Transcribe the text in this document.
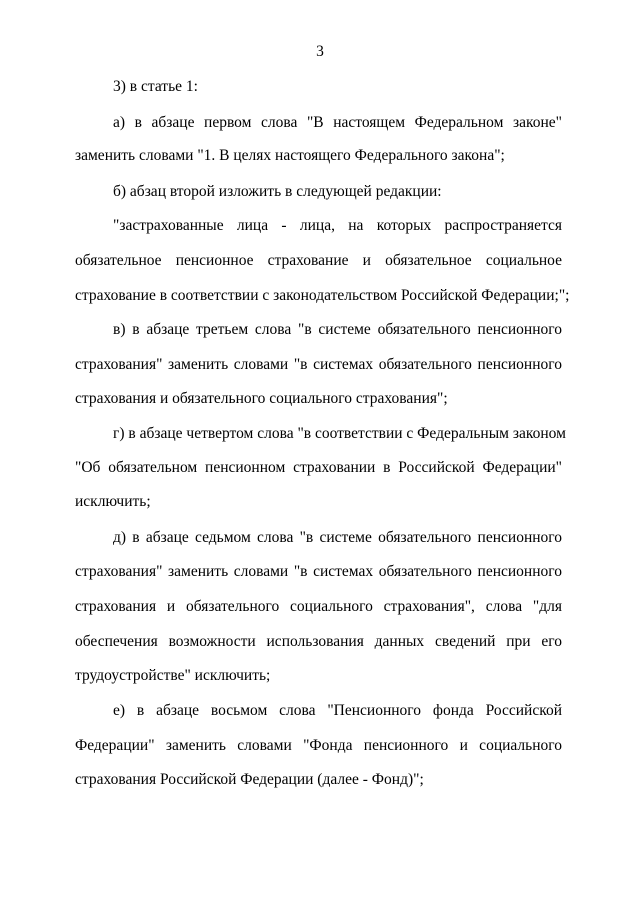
3
3) в статье 1:
а) в абзаце первом слова "В настоящем Федеральном законе"
заменить словами "1. В целях настоящего Федерального закона";
б) абзац второй изложить в следующей редакции:
"застрахованные лица - лица, на которых распространяется
обязательное пенсионное страхование и обязательное социальное
страхование в соответствии с законодательством Российской Федерации;";
в) в абзаце третьем слова "в системе обязательного пенсионного
страхования" заменить словами "в системах обязательного пенсионного
страхования и обязательного социального страхования";
г) в абзаце четвертом слова "в соответствии с Федеральным законом
"Об обязательном пенсионном страховании в Российской Федерации"
исключить;
д) в абзаце седьмом слова "в системе обязательного пенсионного
страхования" заменить словами "в системах обязательного пенсионного
страхования и обязательного социального страхования", слова "для
обеспечения возможности использования данных сведений при его
трудоустройстве" исключить;
е) в абзаце восьмом слова "Пенсионного фонда Российской
Федерации" заменить словами "Фонда пенсионного и социального
страхования Российской Федерации (далее - Фонд)";
